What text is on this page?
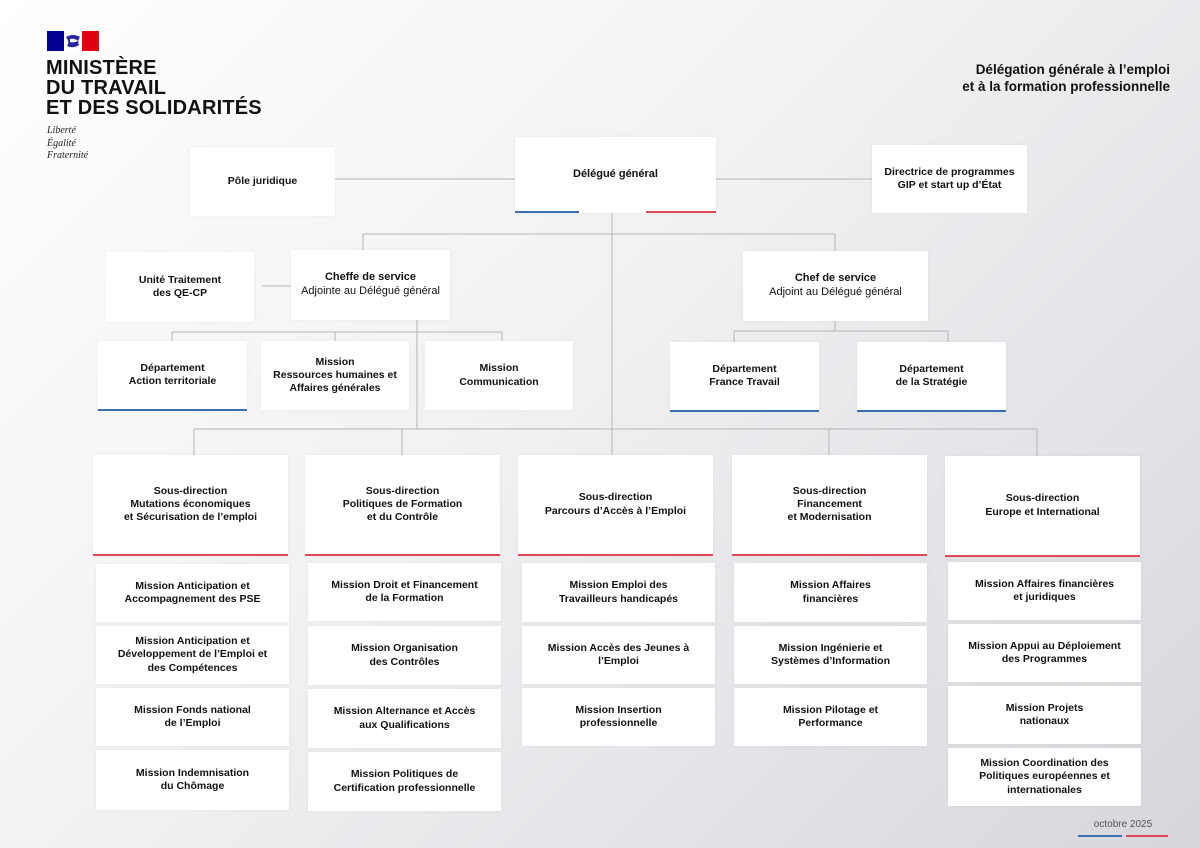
MINISTÈRE
DU TRAVAIL
ET DES SOLIDARITÉS
Liberté
Égalité
Fraternité
Délégation générale à l’emploi
et à la formation professionnelle
Pôle juridique
Délégué général	Directrice de programmes
GIP et start up d’État
Unité Traitement
des QE-CP
Cheffe de service
Adjointe au Délégué général
Département
Action territoriale
Mission
Ressources humaines et
Affaires générales
Mission
Communication
Chef de service
Adjoint au Délégué général
Département
France Travail
Département
de la Stratégie
Sous-direction
Mutations économiques
et Sécurisation de l’emploi
Sous-direction
Politiques de Formation
et du Contrôle
Sous-direction
Parcours d’Accès à l’Emploi
Sous-direction
Financement
et Modernisation
Sous-direction
Europe et International
Mission Anticipation et
Accompagnement des PSE
Mission Anticipation et
Développement de l’Emploi et
des Compétences
Mission Fonds national
de l’Emploi
Mission Indemnisation
du Chômage
Mission Droit et Financement
de la Formation
Mission Organisation
des Contrôles
Mission Alternance et Accès
aux Qualifications
Mission Politiques de
Certification professionnelle
Mission Emploi des
Travailleurs handicapés
Mission Accès des Jeunes à
l’Emploi
Mission Insertion
professionnelle
Mission Affaires
financières
Mission Ingénierie et
Systèmes d’Information
Mission Pilotage et
Performance
Mission Affaires financières
et juridiques
Mission Appui au Déploiement
des Programmes
Mission Projets
nationaux
Mission Coordination des
Politiques européennes et
internationales
octobre 2025
